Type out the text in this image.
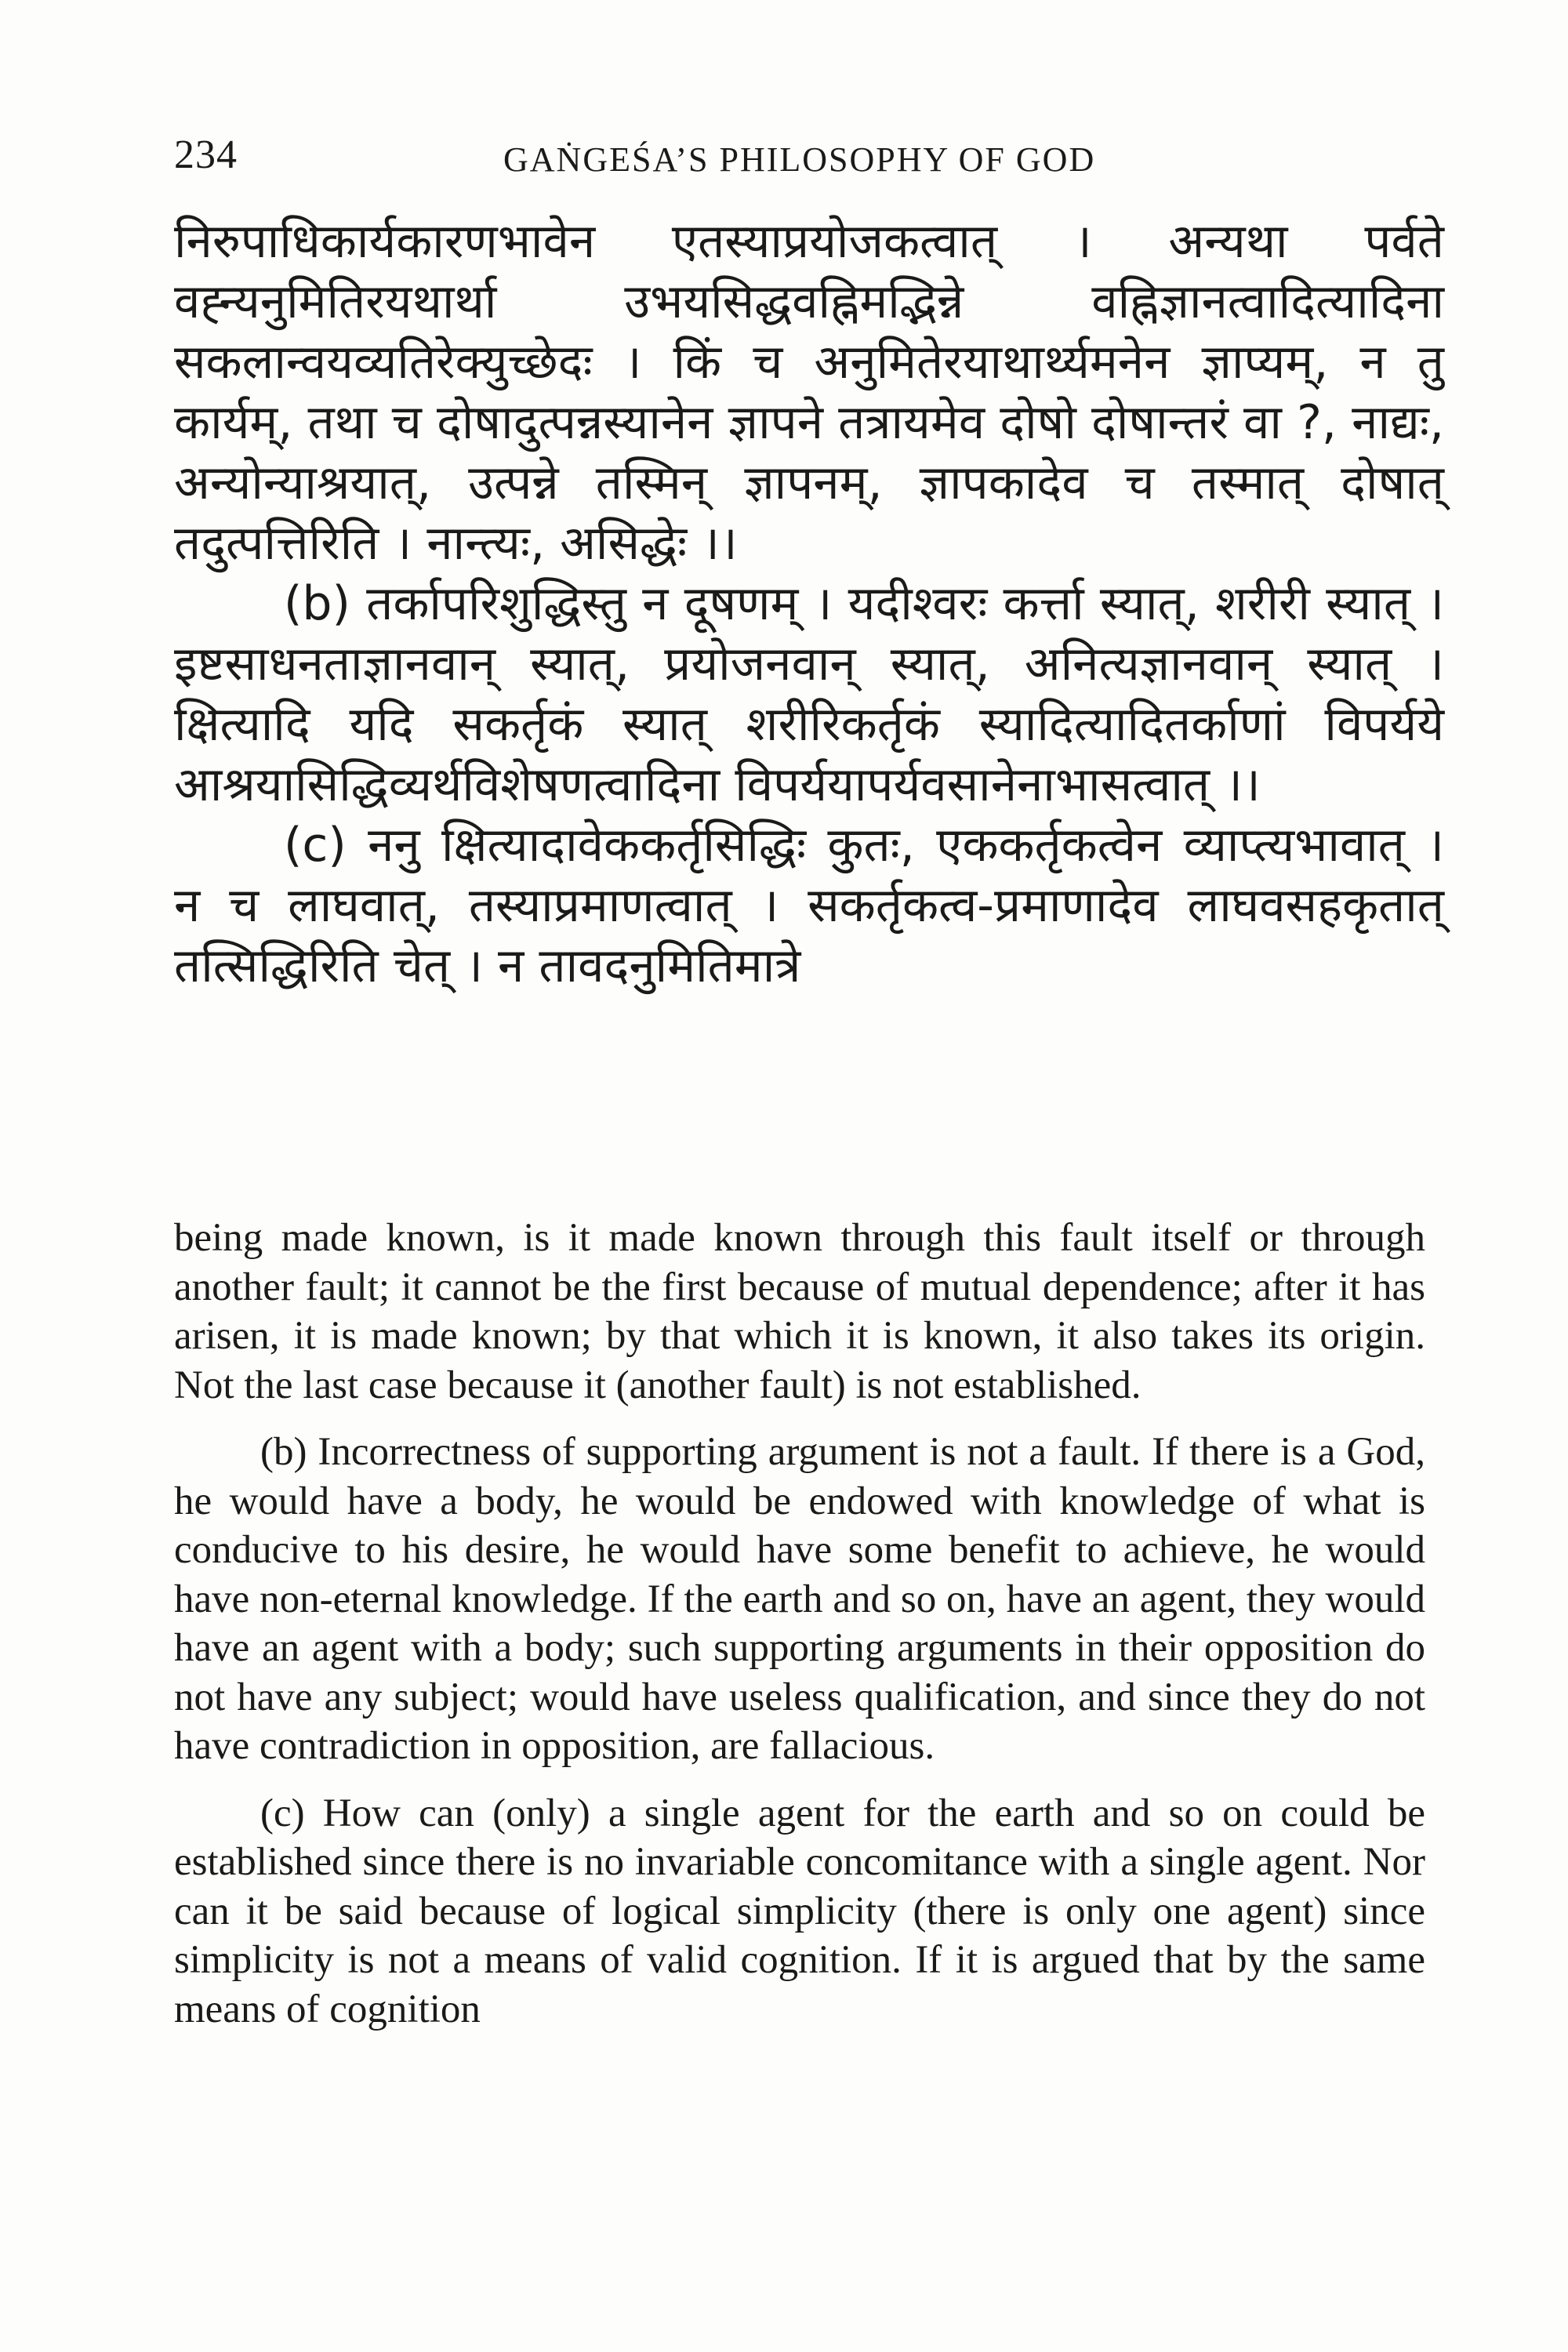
234	GAṄGEŚA’S PHILOSOPHY OF GOD

निरुपाधिकार्यकारणभावेन एतस्याप्रयोजकत्वात् । अन्यथा पर्वते वह्न्यनुमितिरयथार्था उभयसिद्धवह्निमद्भिन्ने वह्निज्ञानत्वादित्यादिना सकलान्वयव्यतिरेक्युच्छेदः । किं च अनुमितेरयाथार्थ्यमनेन ज्ञाप्यम्, न तु कार्यम्, तथा च दोषादुत्पन्नस्यानेन ज्ञापने तत्रायमेव दोषो दोषान्तरं वा ?, नाद्यः, अन्योन्याश्रयात्, उत्पन्ने तस्मिन् ज्ञापनम्, ज्ञापकादेव च तस्मात् दोषात् तदुत्पत्तिरिति । नान्त्यः, असिद्धेः ।।

(b) तर्कापरिशुद्धिस्तु न दूषणम् । यदीश्वरः कर्त्ता स्यात्, शरीरी स्यात् । इष्टसाधनताज्ञानवान् स्यात्, प्रयोजनवान् स्यात्, अनित्यज्ञानवान् स्यात् । क्षित्यादि यदि सकर्तृकं स्यात् शरीरिकर्तृकं स्यादित्यादितर्काणां विपर्यये आश्रयासिद्धिव्यर्थविशेषणत्वादिना विपर्ययापर्यवसानेनाभासत्वात् ।।

(c) ननु क्षित्यादावेककर्तृसिद्धिः कुतः, एककर्तृकत्वेन व्याप्त्यभावात् । न च लाघवात्, तस्याप्रमाणत्वात् । सकर्तृकत्व-प्रमाणादेव लाघवसहकृतात् तत्सिद्धिरिति चेत् । न तावदनुमितिमात्रे

being made known, is it made known through this fault itself or through another fault; it cannot be the first because of mutual dependence; after it has arisen, it is made known; by that which it is known, it also takes its origin. Not the last case because it (another fault) is not established.

(b) Incorrectness of supporting argument is not a fault. If there is a God, he would have a body, he would be endowed with knowledge of what is conducive to his desire, he would have some benefit to achieve, he would have non-eternal knowledge. If the earth and so on, have an agent, they would have an agent with a body; such supporting arguments in their opposition do not have any subject; would have useless qualification, and since they do not have contradiction in opposition, are fallacious.

(c) How can (only) a single agent for the earth and so on could be established since there is no invariable concomitance with a single agent. Nor can it be said because of logical simplicity (there is only one agent) since simplicity is not a means of valid cognition. If it is argued that by the same means of cognition
